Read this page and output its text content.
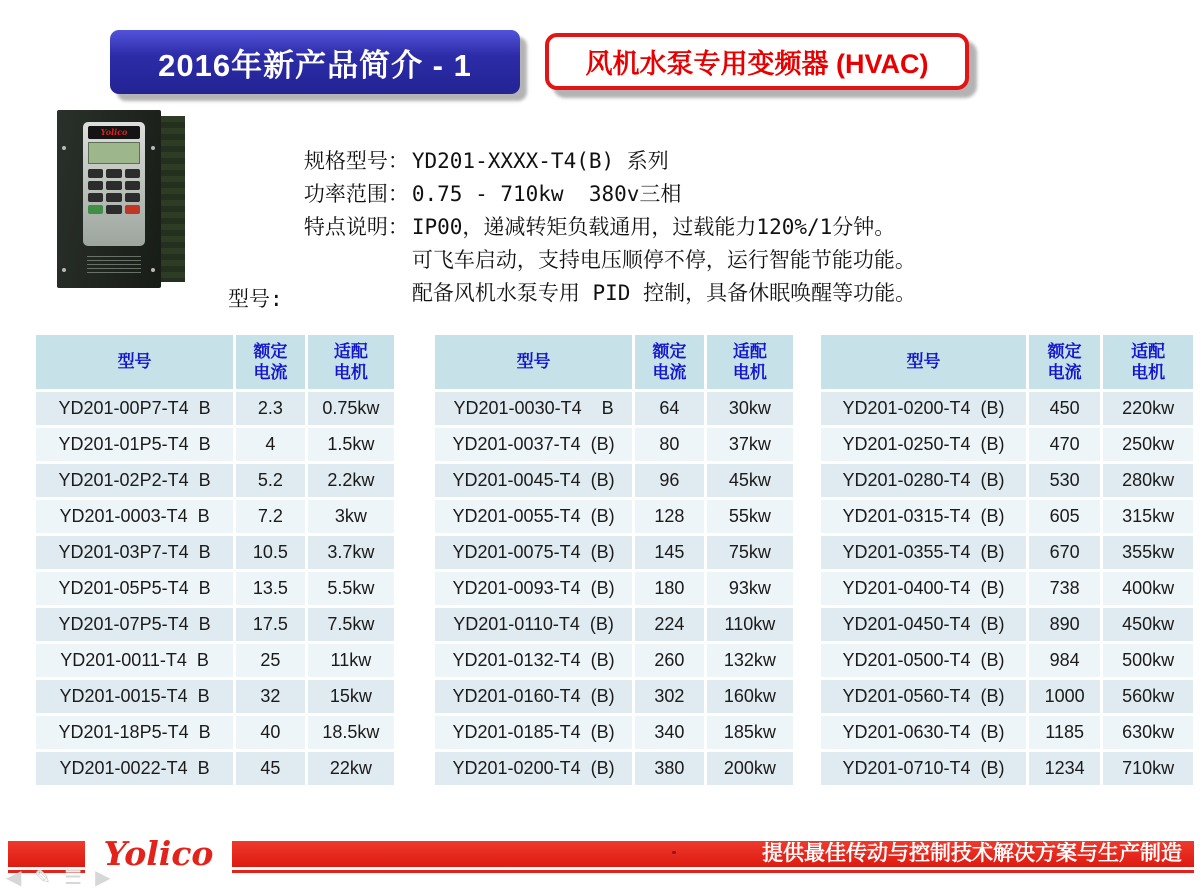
2016年新产品简介 - 1	风机水泵专用变频器 (HVAC)
Yolico

规格型号： YD201-XXXX-T4(B) 系列

功率范围： 0.75 - 710kw  380v三相

特点说明： IP00，递减转矩负载通用，过载能力120%/1分钟。

可飞车启动，支持电压顺停不停，运行智能节能功能。

配备风机水泵专用 PID 控制，具备休眠唤醒等功能。

型号:
型号	额定电流	适配电机
YD201-00P7-T4  B	2.3	0.75kw
YD201-01P5-T4  B	4	1.5kw
YD201-02P2-T4  B	5.2	2.2kw
YD201-0003-T4  B	7.2	3kw
YD201-03P7-T4  B	10.5	3.7kw
YD201-05P5-T4  B	13.5	5.5kw
YD201-07P5-T4  B	17.5	7.5kw
YD201-0011-T4  B	25	11kw
YD201-0015-T4  B	32	15kw
YD201-18P5-T4  B	40	18.5kw
YD201-0022-T4  B	45	22kw
型号	额定电流	适配电机
YD201-0030-T4    B	64	30kw
YD201-0037-T4  (B)	80	37kw
YD201-0045-T4  (B)	96	45kw
YD201-0055-T4  (B)	128	55kw
YD201-0075-T4  (B)	145	75kw
YD201-0093-T4  (B)	180	93kw
YD201-0110-T4  (B)	224	110kw
YD201-0132-T4  (B)	260	132kw
YD201-0160-T4  (B)	302	160kw
YD201-0185-T4  (B)	340	185kw
YD201-0200-T4  (B)	380	200kw
型号	额定电流	适配电机
YD201-0200-T4  (B)	450	220kw
YD201-0250-T4  (B)	470	250kw
YD201-0280-T4  (B)	530	280kw
YD201-0315-T4  (B)	605	315kw
YD201-0355-T4  (B)	670	355kw
YD201-0400-T4  (B)	738	400kw
YD201-0450-T4  (B)	890	450kw
YD201-0500-T4  (B)	984	500kw
YD201-0560-T4  (B)	1000	560kw
YD201-0630-T4  (B)	1185	630kw
YD201-0710-T4  (B)	1234	710kw
提供最佳传动与控制技术解决方案与生产制造
Yolico
◀ ✎ ☰ ▶
